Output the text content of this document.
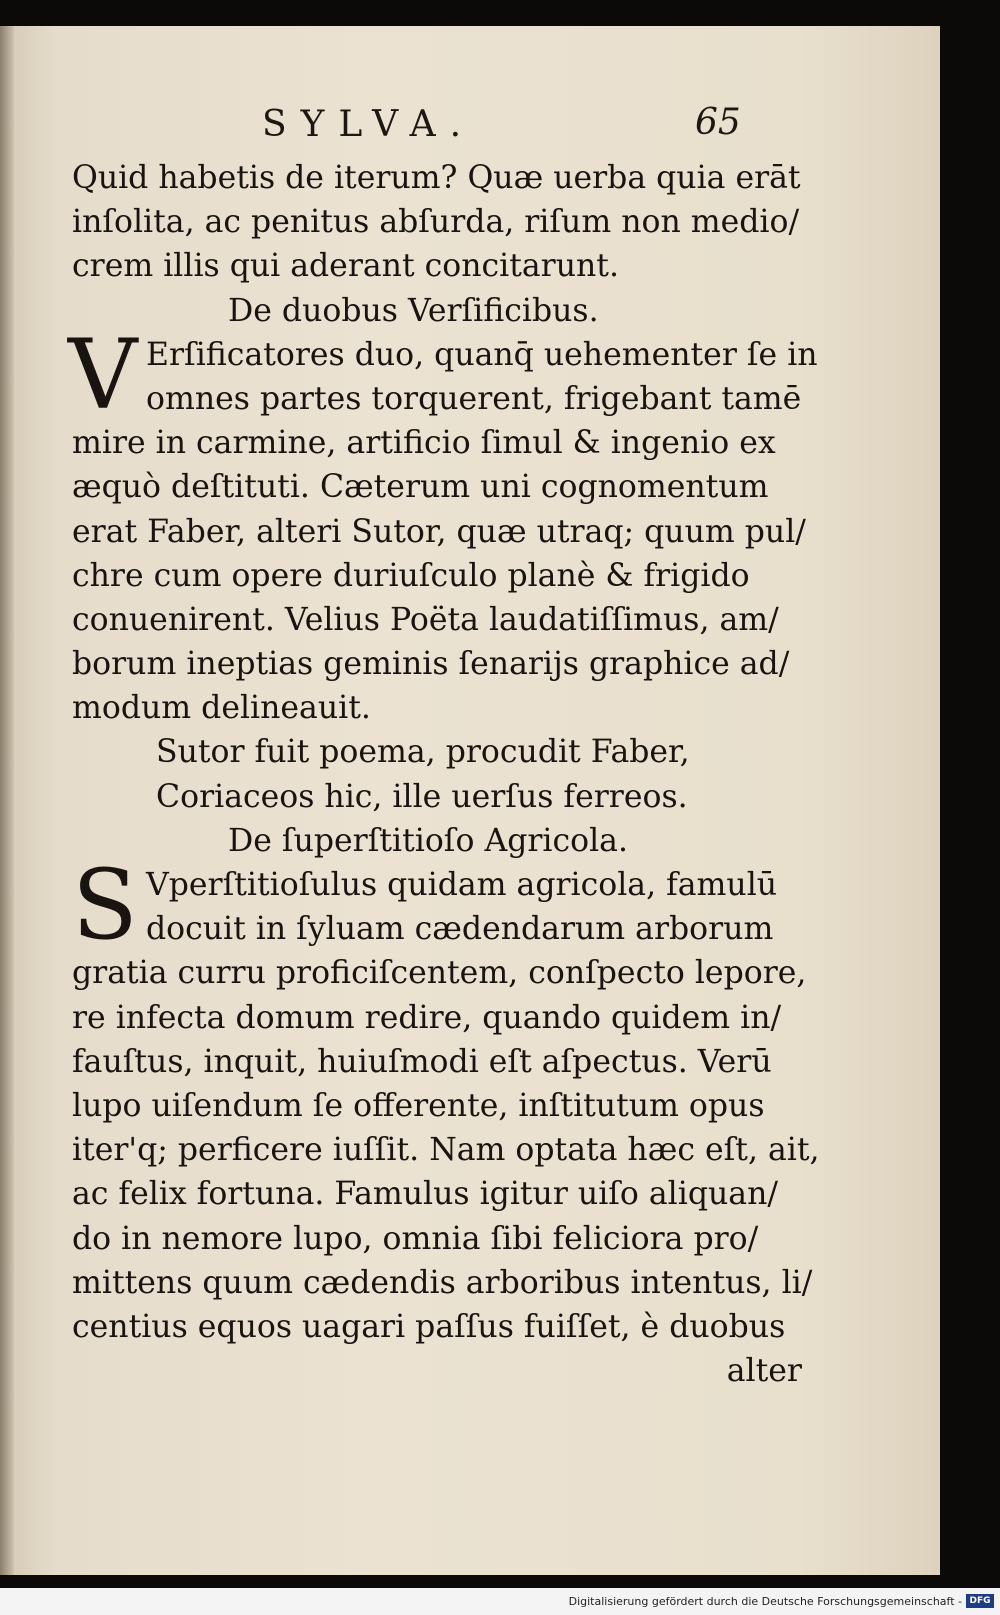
SYLVA.	65
Quid habetis de iterum? Quæ uerba quia erāt
inſolita, ac penitus abſurda, riſum non medio/
crem illis qui aderant concitarunt.
De duobus Verſificibus.
V Erſificatores duo, quanq̄ uehementer ſe in
omnes partes torquerent, frigebant tamē
mire in carmine, artificio ſimul & ingenio ex
æquò deſtituti. Cæterum uni cognomentum
erat Faber, alteri Sutor, quæ utraq; quum pul/
chre cum opere duriuſculo planè & frigido
conuenirent. Velius Poëta laudatiſſimus, am/
borum ineptias geminis ſenarijs graphice ad/
modum delineauit.
Sutor fuit poema, procudit Faber,
Coriaceos hic, ille uerſus ferreos.
De ſuperſtitioſo Agricola.
S Vperſtitioſulus quidam agricola, famulū
docuit in ſyluam cædendarum arborum
gratia curru proficiſcentem, conſpecto lepore,
re infecta domum redire, quando quidem in/
fauſtus, inquit, huiuſmodi eſt aſpectus. Verū
lupo uiſendum ſe offerente, inſtitutum opus
iter'q; perficere iuſſit. Nam optata hæc eſt, ait,
ac felix fortuna. Famulus igitur uiſo aliquan/
do in nemore lupo, omnia ſibi feliciora pro/
mittens quum cædendis arboribus intentus, li/
centius equos uagari paſſus fuiſſet, è duobus
alter
Digitalisierung gefördert durch die Deutsche Forschungsgemeinschaft - DFG
